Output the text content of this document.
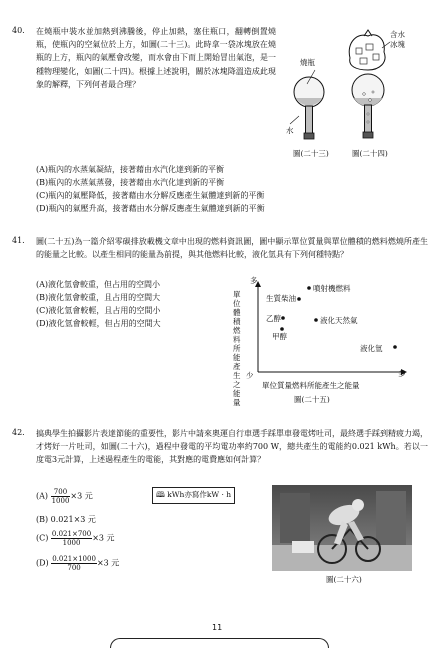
40. 在燒瓶中裝水並加熱到沸騰後，停止加熱，塞住瓶口，翻轉倒置燒瓶，使瓶內的空氣位於上方，如圖(二十三)。此時拿一袋冰塊放在燒瓶的上方，瓶內的氣壓會改變，而水會由下而上開始冒出氣泡，是一種物理變化，如圖(二十四)。根據上述說明，關於冰塊降溫造成此現象的解釋，下列何者最合理？
燒瓶
水
圖(二十三)
含水冰塊
圖(二十四)
(A)瓶內的水蒸氣凝結，接著藉由水汽化達到新的平衡
(B)瓶內的水蒸氣蒸發，接著藉由水汽化達到新的平衡
(C)瓶內的氣壓降低，接著藉由水分解反應產生氣體達到新的平衡
(D)瓶內的氣壓升高，接著藉由水分解反應產生氣體達到新的平衡
41. 圖(二十五)為一篇介紹零碳排放載機文章中出現的燃料資訊圖，圖中顯示單位質量與單位體積的燃料燃燒所產生的能量之比較。以產生相同的能量為前提，與其他燃料比較，液化氫具有下列何種特點？
(A)液化氫會較重，但占用的空間小
(B)液化氫會較重，且占用的空間大
(C)液化氫會較輕，且占用的空間小
(D)液化氫會較輕，但占用的空間大
多
單位體積燃料所能產生之能量
噴射機燃料
生質柴油
乙醇	液化天然氣
甲醇
液化氫
少	多
單位質量燃料所能產生之能量
圖(二十五)
42. 搞典學生拍攝影片表達節能的重要性，影片中請來奧運自行車選手踩單車發電烤吐司，最終選手踩到精疲力竭，才烤好一片吐司，如圖(二十六)，過程中發電的平均電功率約700 W，總共產生的電能約0.021 kWh。若以一度電3元計算，上述過程產生的電能，其對應的電費應如何計算？
🕮 kWh亦寫作kW · h
$(A) \frac{700}{1000} \times 3$ 元
(B) 0.021×3 元
$(C) \frac{0.021\times 700}{1000} \times 3$ 元
$(D) \frac{0.021\times 1000}{700} \times 3$ 元
圖(二十六)
11
